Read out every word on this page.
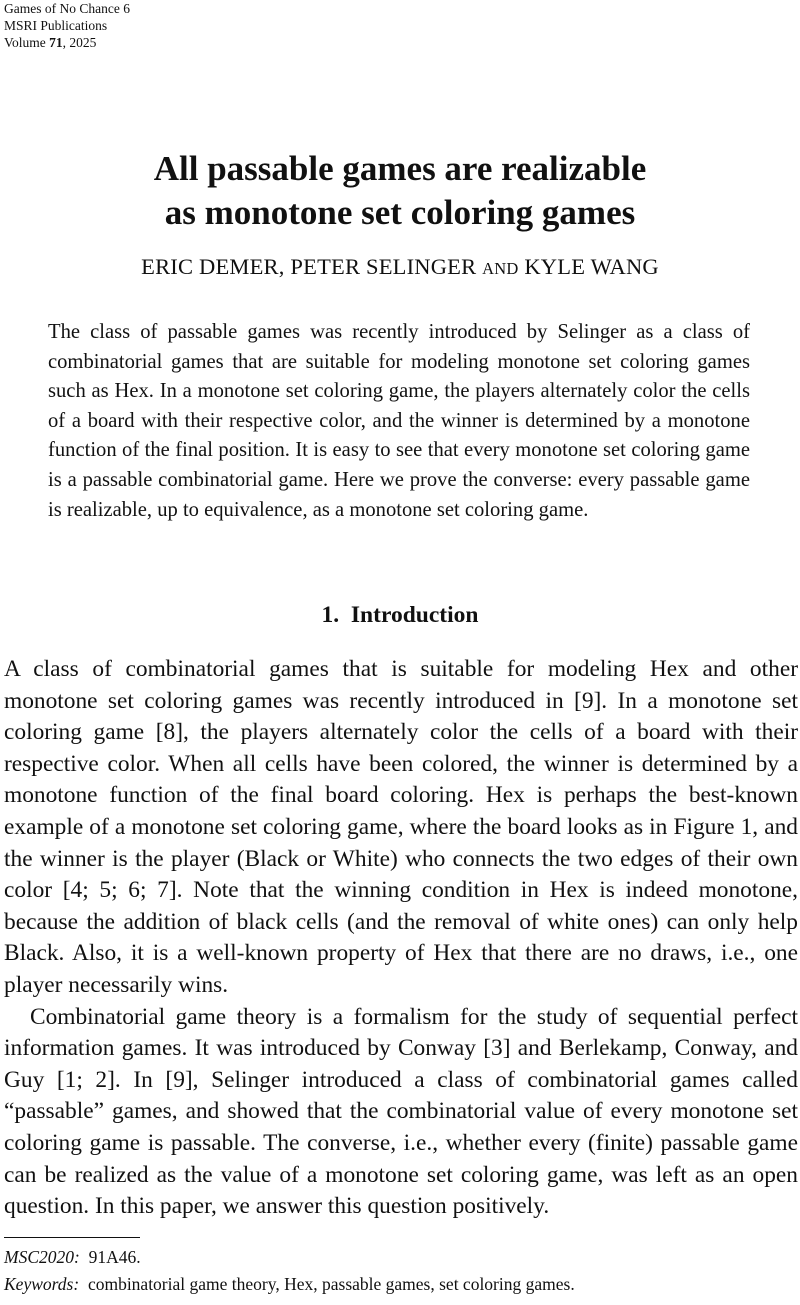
Games of No Chance 6
MSRI Publications
Volume 71, 2025
All passable games are realizable
as monotone set coloring games
ERIC DEMER, PETER SELINGER AND KYLE WANG

The class of passable games was recently introduced by Selinger as a class of combinatorial games that are suitable for modeling monotone set coloring games such as Hex. In a monotone set coloring game, the players alternately color the cells of a board with their respective color, and the winner is determined by a monotone function of the final position. It is easy to see that every monotone set coloring game is a passable combinatorial game. Here we prove the converse: every passable game is realizable, up to equivalence, as a monotone set coloring game.

1. Introduction

A class of combinatorial games that is suitable for modeling Hex and other monotone set coloring games was recently introduced in [9]. In a monotone set coloring game [8], the players alternately color the cells of a board with their respective color. When all cells have been colored, the winner is determined by a monotone function of the final board coloring. Hex is perhaps the best-known example of a monotone set coloring game, where the board looks as in Figure 1, and the winner is the player (Black or White) who connects the two edges of their own color [4; 5; 6; 7]. Note that the winning condition in Hex is indeed monotone, because the addition of black cells (and the removal of white ones) can only help Black. Also, it is a well-known property of Hex that there are no draws, i.e., one player necessarily wins.

Combinatorial game theory is a formalism for the study of sequential perfect information games. It was introduced by Conway [3] and Berlekamp, Conway, and Guy [1; 2]. In [9], Selinger introduced a class of combinatorial games called “passable” games, and showed that the combinatorial value of every monotone set coloring game is passable. The converse, i.e., whether every (finite) passable game can be realized as the value of a monotone set coloring game, was left as an open question. In this paper, we answer this question positively.

MSC2020: 91A46.
Keywords: combinatorial game theory, Hex, passable games, set coloring games.
